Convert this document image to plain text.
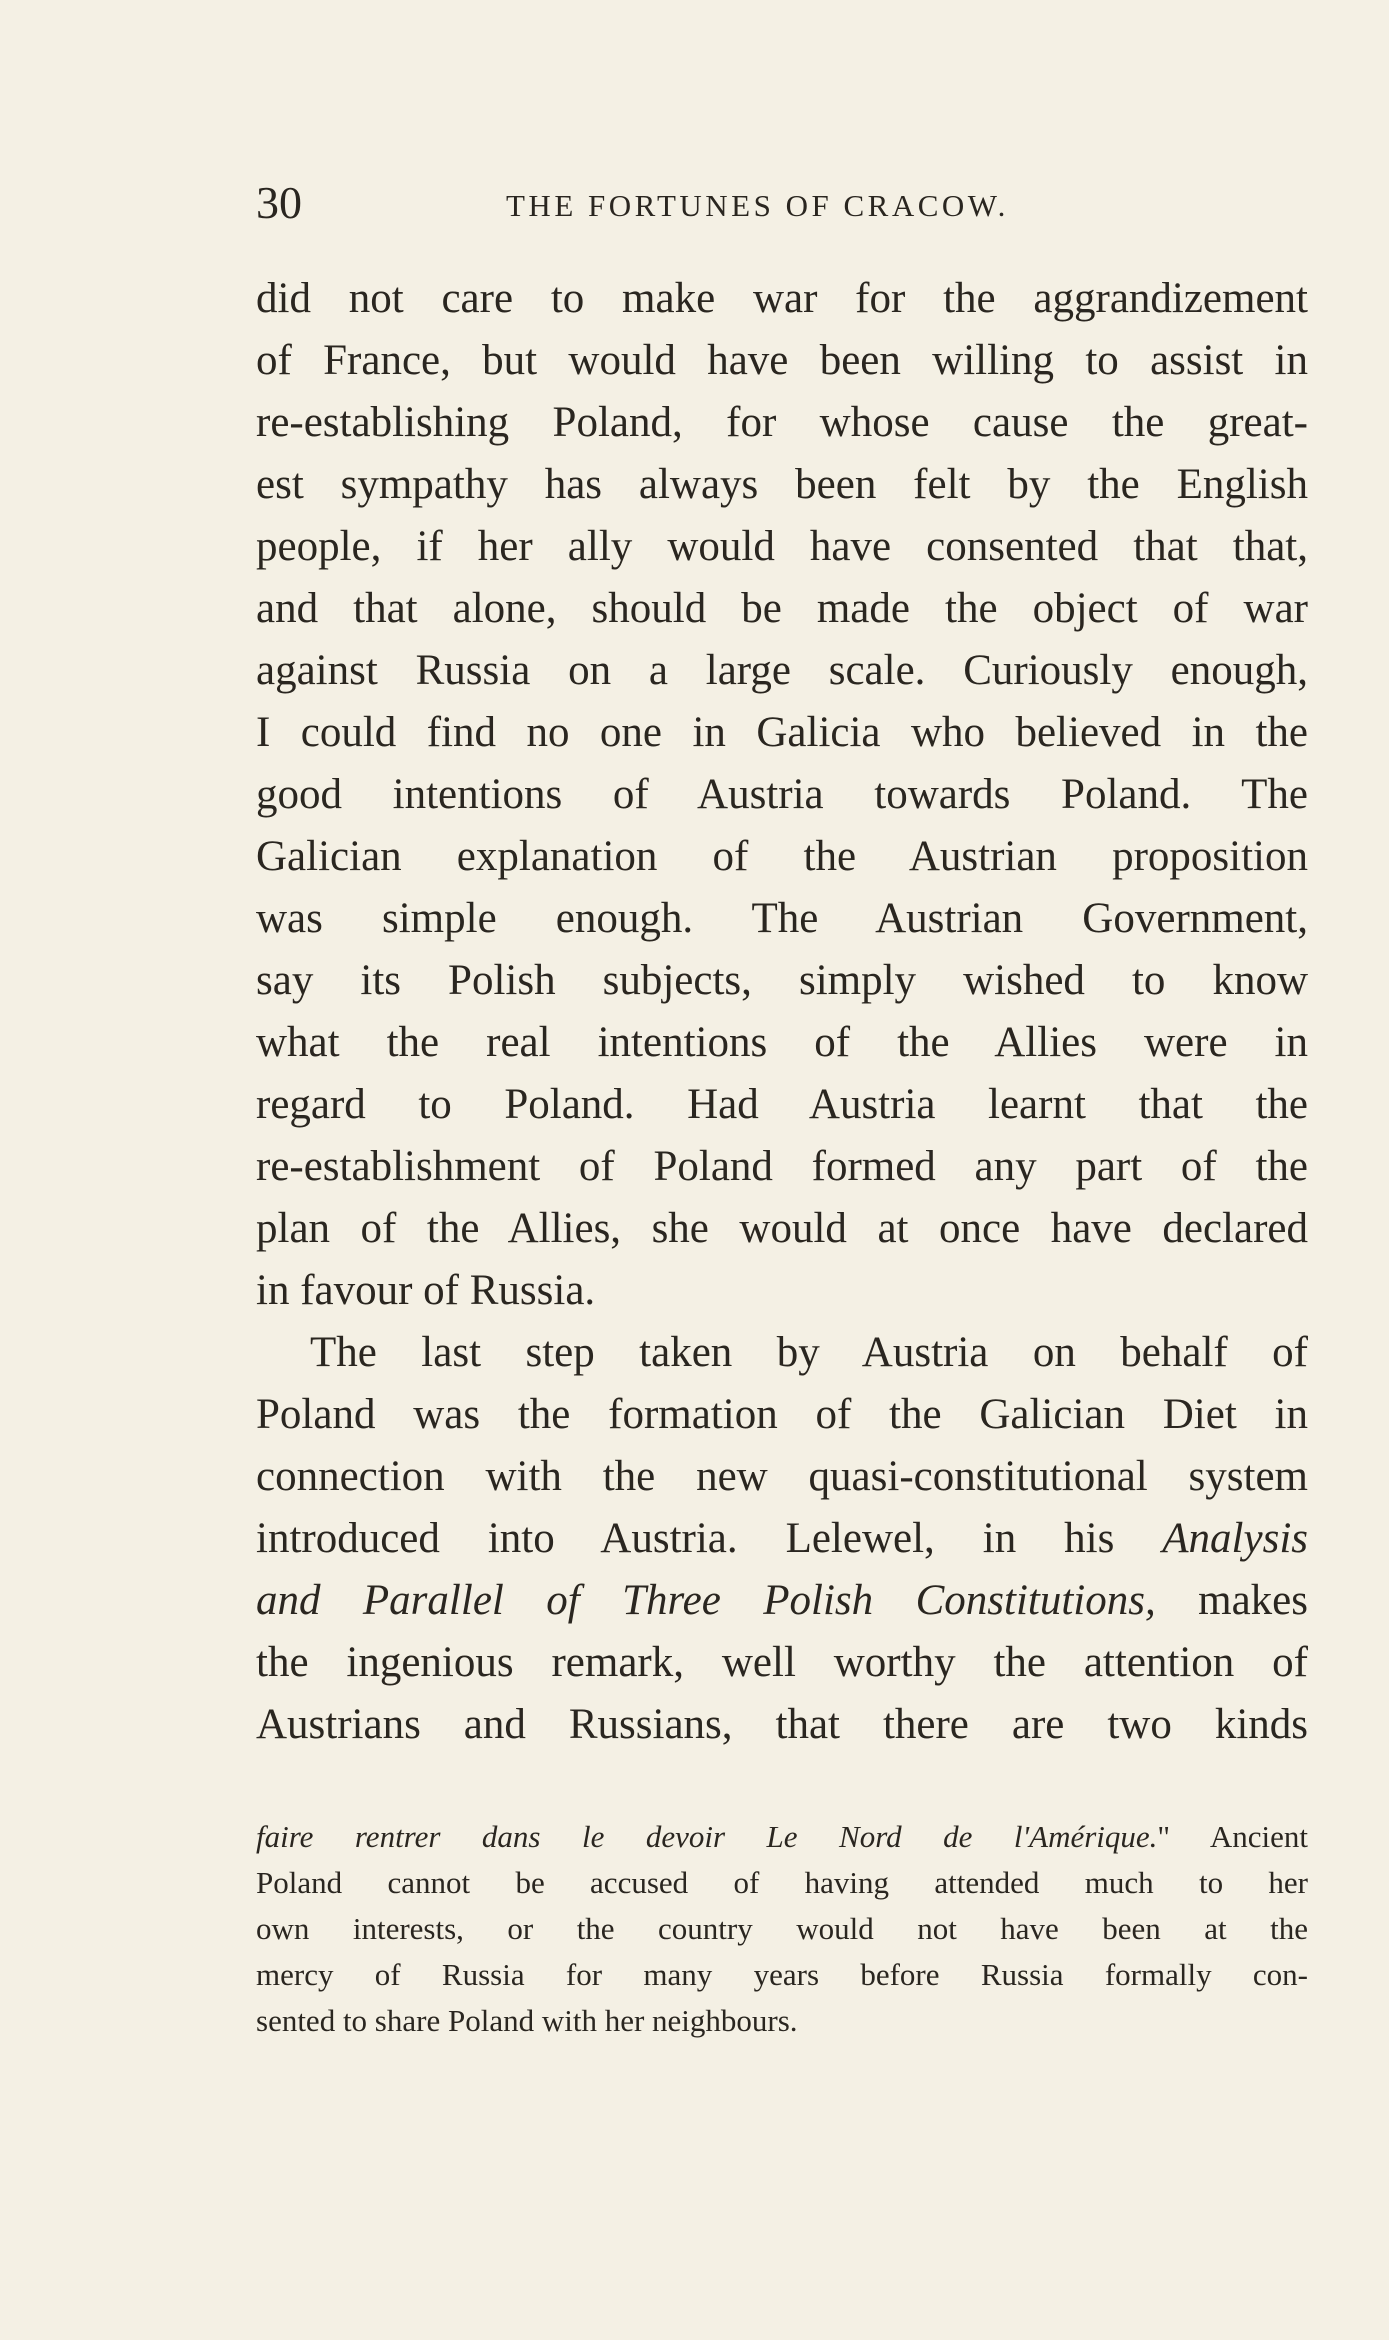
30	THE FORTUNES OF CRACOW.
did not care to make war for the aggrandizement
of France, but would have been willing to assist in
re-establishing Poland, for whose cause the great-
est sympathy has always been felt by the English
people, if her ally would have consented that that,
and that alone, should be made the object of war
against Russia on a large scale. Curiously enough,
I could find no one in Galicia who believed in the
good intentions of Austria towards Poland. The
Galician explanation of the Austrian proposition
was simple enough. The Austrian Government,
say its Polish subjects, simply wished to know
what the real intentions of the Allies were in
regard to Poland. Had Austria learnt that the
re-establishment of Poland formed any part of the
plan of the Allies, she would at once have declared
in favour of Russia.
The last step taken by Austria on behalf of
Poland was the formation of the Galician Diet in
connection with the new quasi-constitutional system
introduced into Austria. Lelewel, in his Analysis
and Parallel of Three Polish Constitutions, makes
the ingenious remark, well worthy the attention of
Austrians and Russians, that there are two kinds
faire rentrer dans le devoir Le Nord de l'Amérique." Ancient
Poland cannot be accused of having attended much to her
own interests, or the country would not have been at the
mercy of Russia for many years before Russia formally con-
sented to share Poland with her neighbours.
